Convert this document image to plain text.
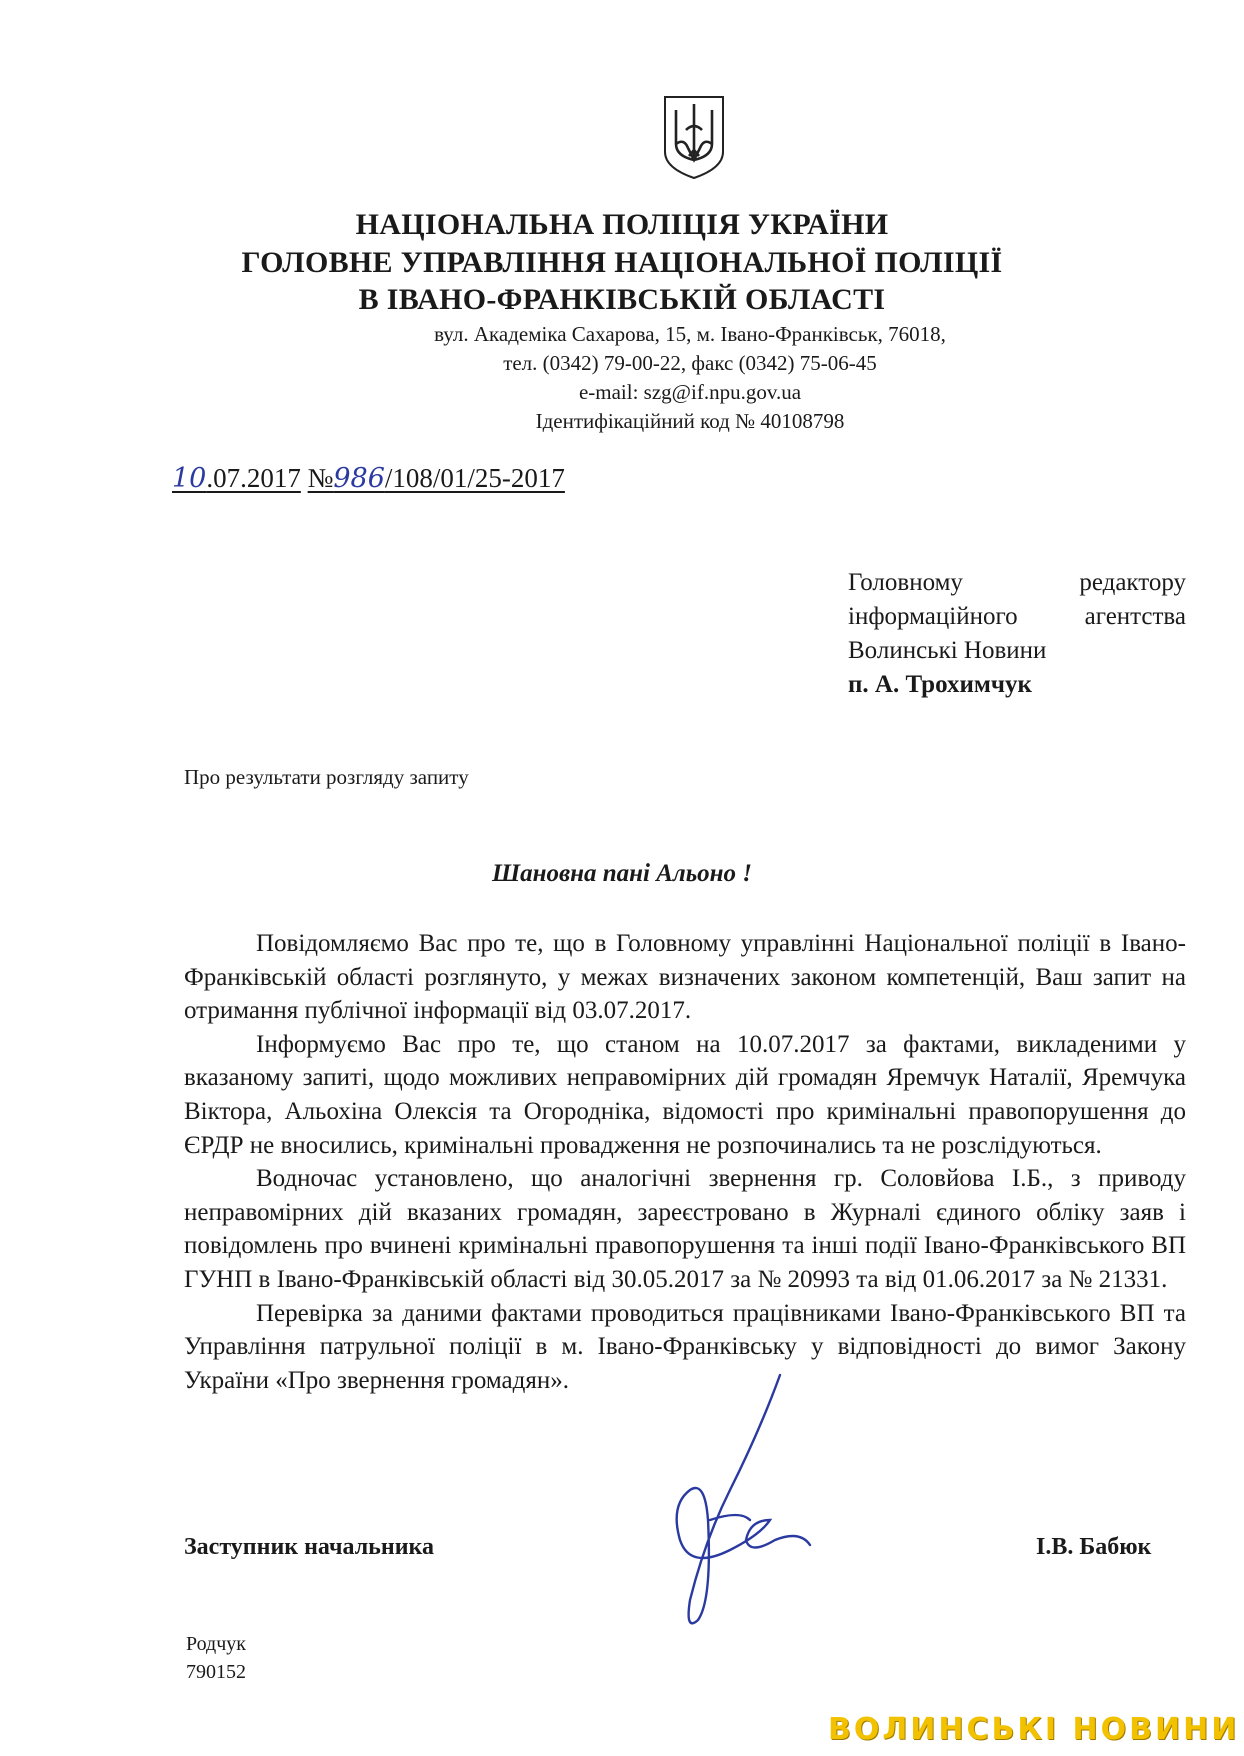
НАЦІОНАЛЬНА ПОЛІЦІЯ УКРАЇНИ
ГОЛОВНЕ УПРАВЛІННЯ НАЦІОНАЛЬНОЇ ПОЛІЦІЇ
В ІВАНО-ФРАНКІВСЬКІЙ ОБЛАСТІ
вул. Академіка Сахарова, 15, м. Івано-Франківськ, 76018,
тел. (0342) 79-00-22, факс (0342) 75-06-45
e-mail: szg@if.npu.gov.ua
Ідентифікаційний код № 40108798
10.07.2017 №986/108/01/25-2017
Головному	редактору
інформаційного	агентства
Волинські Новини
п. А. Трохимчук
Про результати розгляду запиту
Шановна пані Альоно !

Повідомляємо Вас про те, що в Головному управлінні Національної поліції в Івано-Франківській області розглянуто, у межах визначених законом компетенцій, Ваш запит на отримання публічної інформації від 03.07.2017.

Інформуємо Вас про те, що станом на 10.07.2017 за фактами, викладеними у вказаному запиті, щодо можливих неправомірних дій громадян Яремчук Наталії, Яремчука Віктора, Альохіна Олексія та Огородніка, відомості про кримінальні правопорушення до ЄРДР не вносились, кримінальні провадження не розпочинались та не розслідуються.

Водночас установлено, що аналогічні звернення гр. Соловйова І.Б., з приводу неправомірних дій вказаних громадян, зареєстровано в Журналі єдиного обліку заяв і повідомлень про вчинені кримінальні правопорушення та інші події Івано-Франківського ВП ГУНП в Івано-Франківській області від 30.05.2017 за № 20993 та від 01.06.2017 за № 21331.

Перевірка за даними фактами проводиться працівниками Івано-Франківського ВП та Управління патрульної поліції в м. Івано-Франківську у відповідності до вимог Закону України «Про звернення громадян».

Заступник начальника	І.В. Бабюк
Родчук
790152
ВОЛИНСЬКІ НОВИНИ
